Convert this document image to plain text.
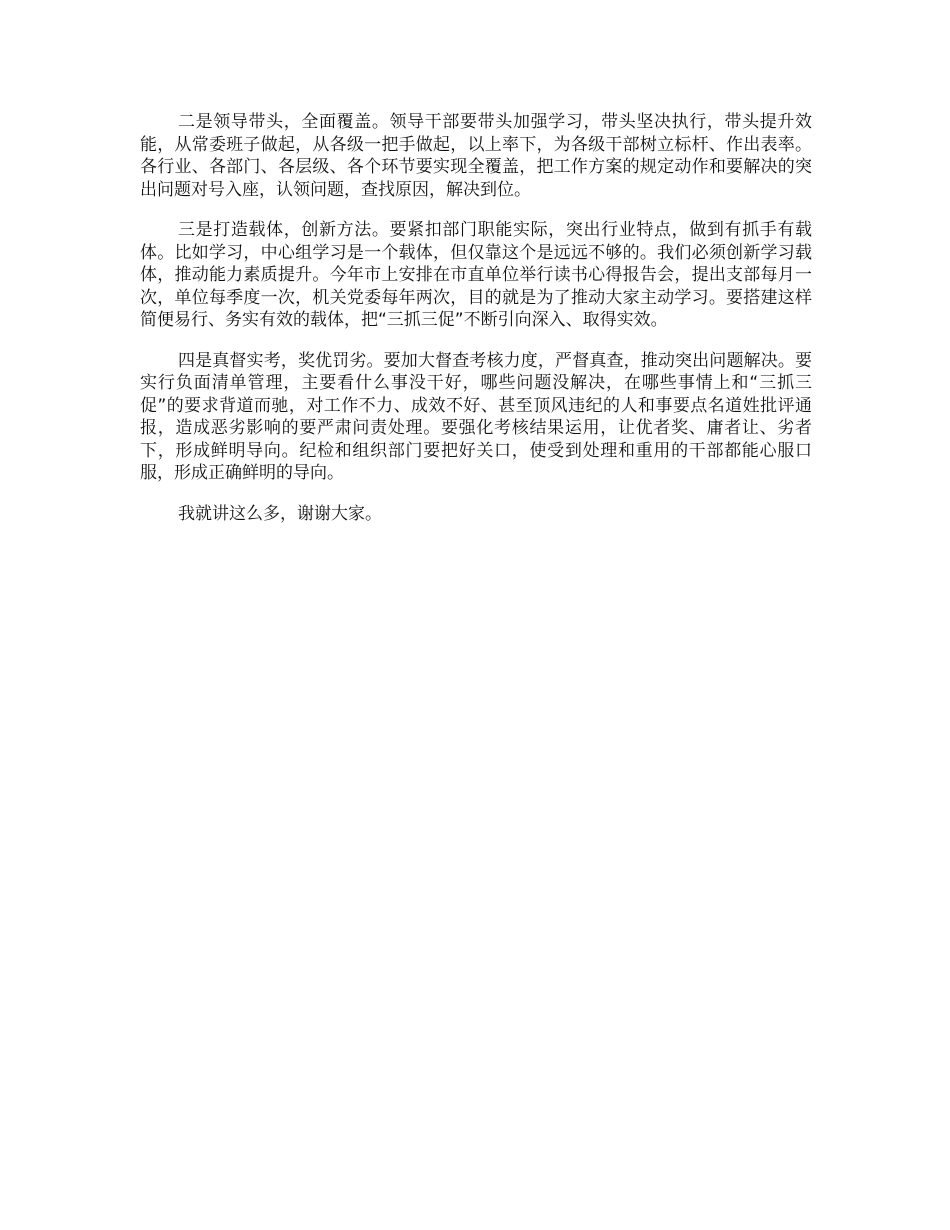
二是领导带头，全面覆盖。领导干部要带头加强学习，带头坚决执行，带头提升效能，从常委班子做起，从各级一把手做起，以上率下，为各级干部树立标杆、作出表率。各行业、各部门、各层级、各个环节要实现全覆盖，把工作方案的规定动作和要解决的突出问题对号入座，认领问题，查找原因，解决到位。

三是打造载体，创新方法。要紧扣部门职能实际，突出行业特点，做到有抓手有载体。比如学习，中心组学习是一个载体，但仅靠这个是远远不够的。我们必须创新学习载体，推动能力素质提升。今年市上安排在市直单位举行读书心得报告会，提出支部每月一次，单位每季度一次，机关党委每年两次，目的就是为了推动大家主动学习。要搭建这样简便易行、务实有效的载体，把“三抓三促”不断引向深入、取得实效。

四是真督实考，奖优罚劣。要加大督查考核力度，严督真查，推动突出问题解决。要实行负面清单管理，主要看什么事没干好，哪些问题没解决，在哪些事情上和“三抓三促”的要求背道而驰，对工作不力、成效不好、甚至顶风违纪的人和事要点名道姓批评通报，造成恶劣影响的要严肃问责处理。要强化考核结果运用，让优者奖、庸者让、劣者下，形成鲜明导向。纪检和组织部门要把好关口，使受到处理和重用的干部都能心服口服，形成正确鲜明的导向。

我就讲这么多，谢谢大家。
